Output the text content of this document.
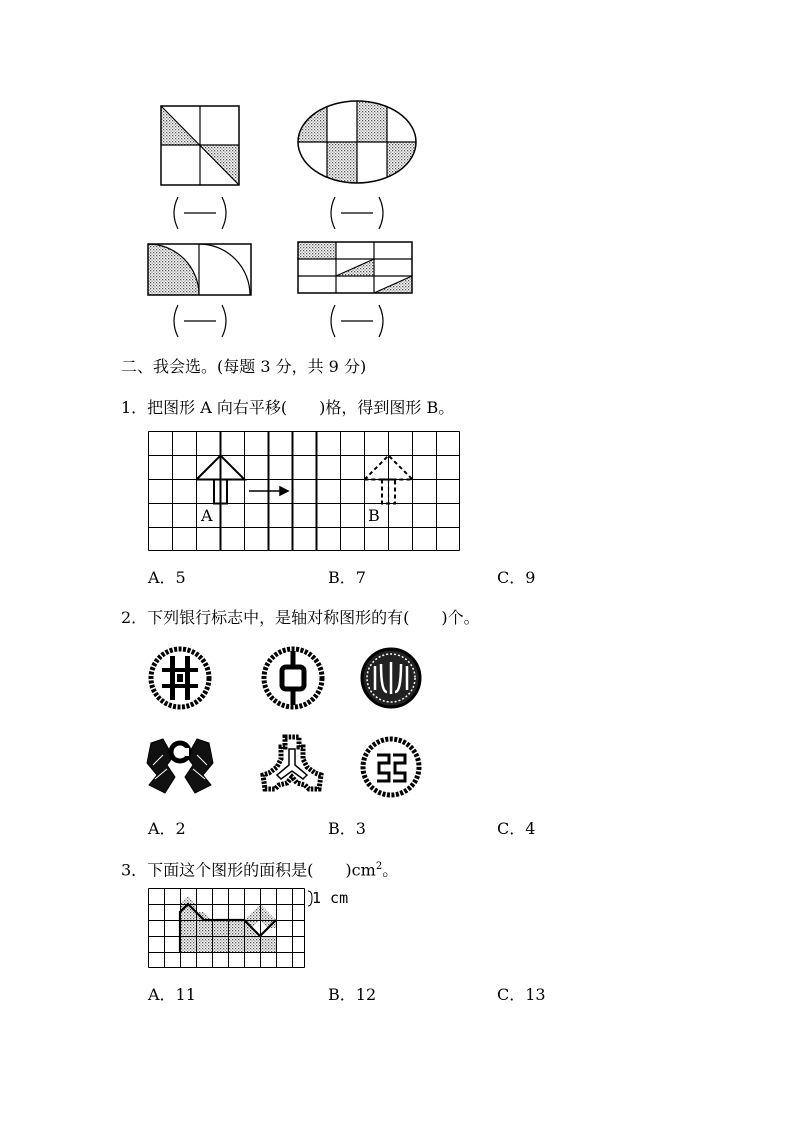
二、我会选。(每题 3 分，共 9 分)
1．把图形 A 向右平移(　　)格，得到图形 B。
A	B
A．5	B．7	C．9
2．下列银行标志中，是轴对称图形的有(　　)个。
A．2	B．3	C．4
3．下面这个图形的面积是(　　)$cm^2$。
1 cm
A．11	B．12	C．13
